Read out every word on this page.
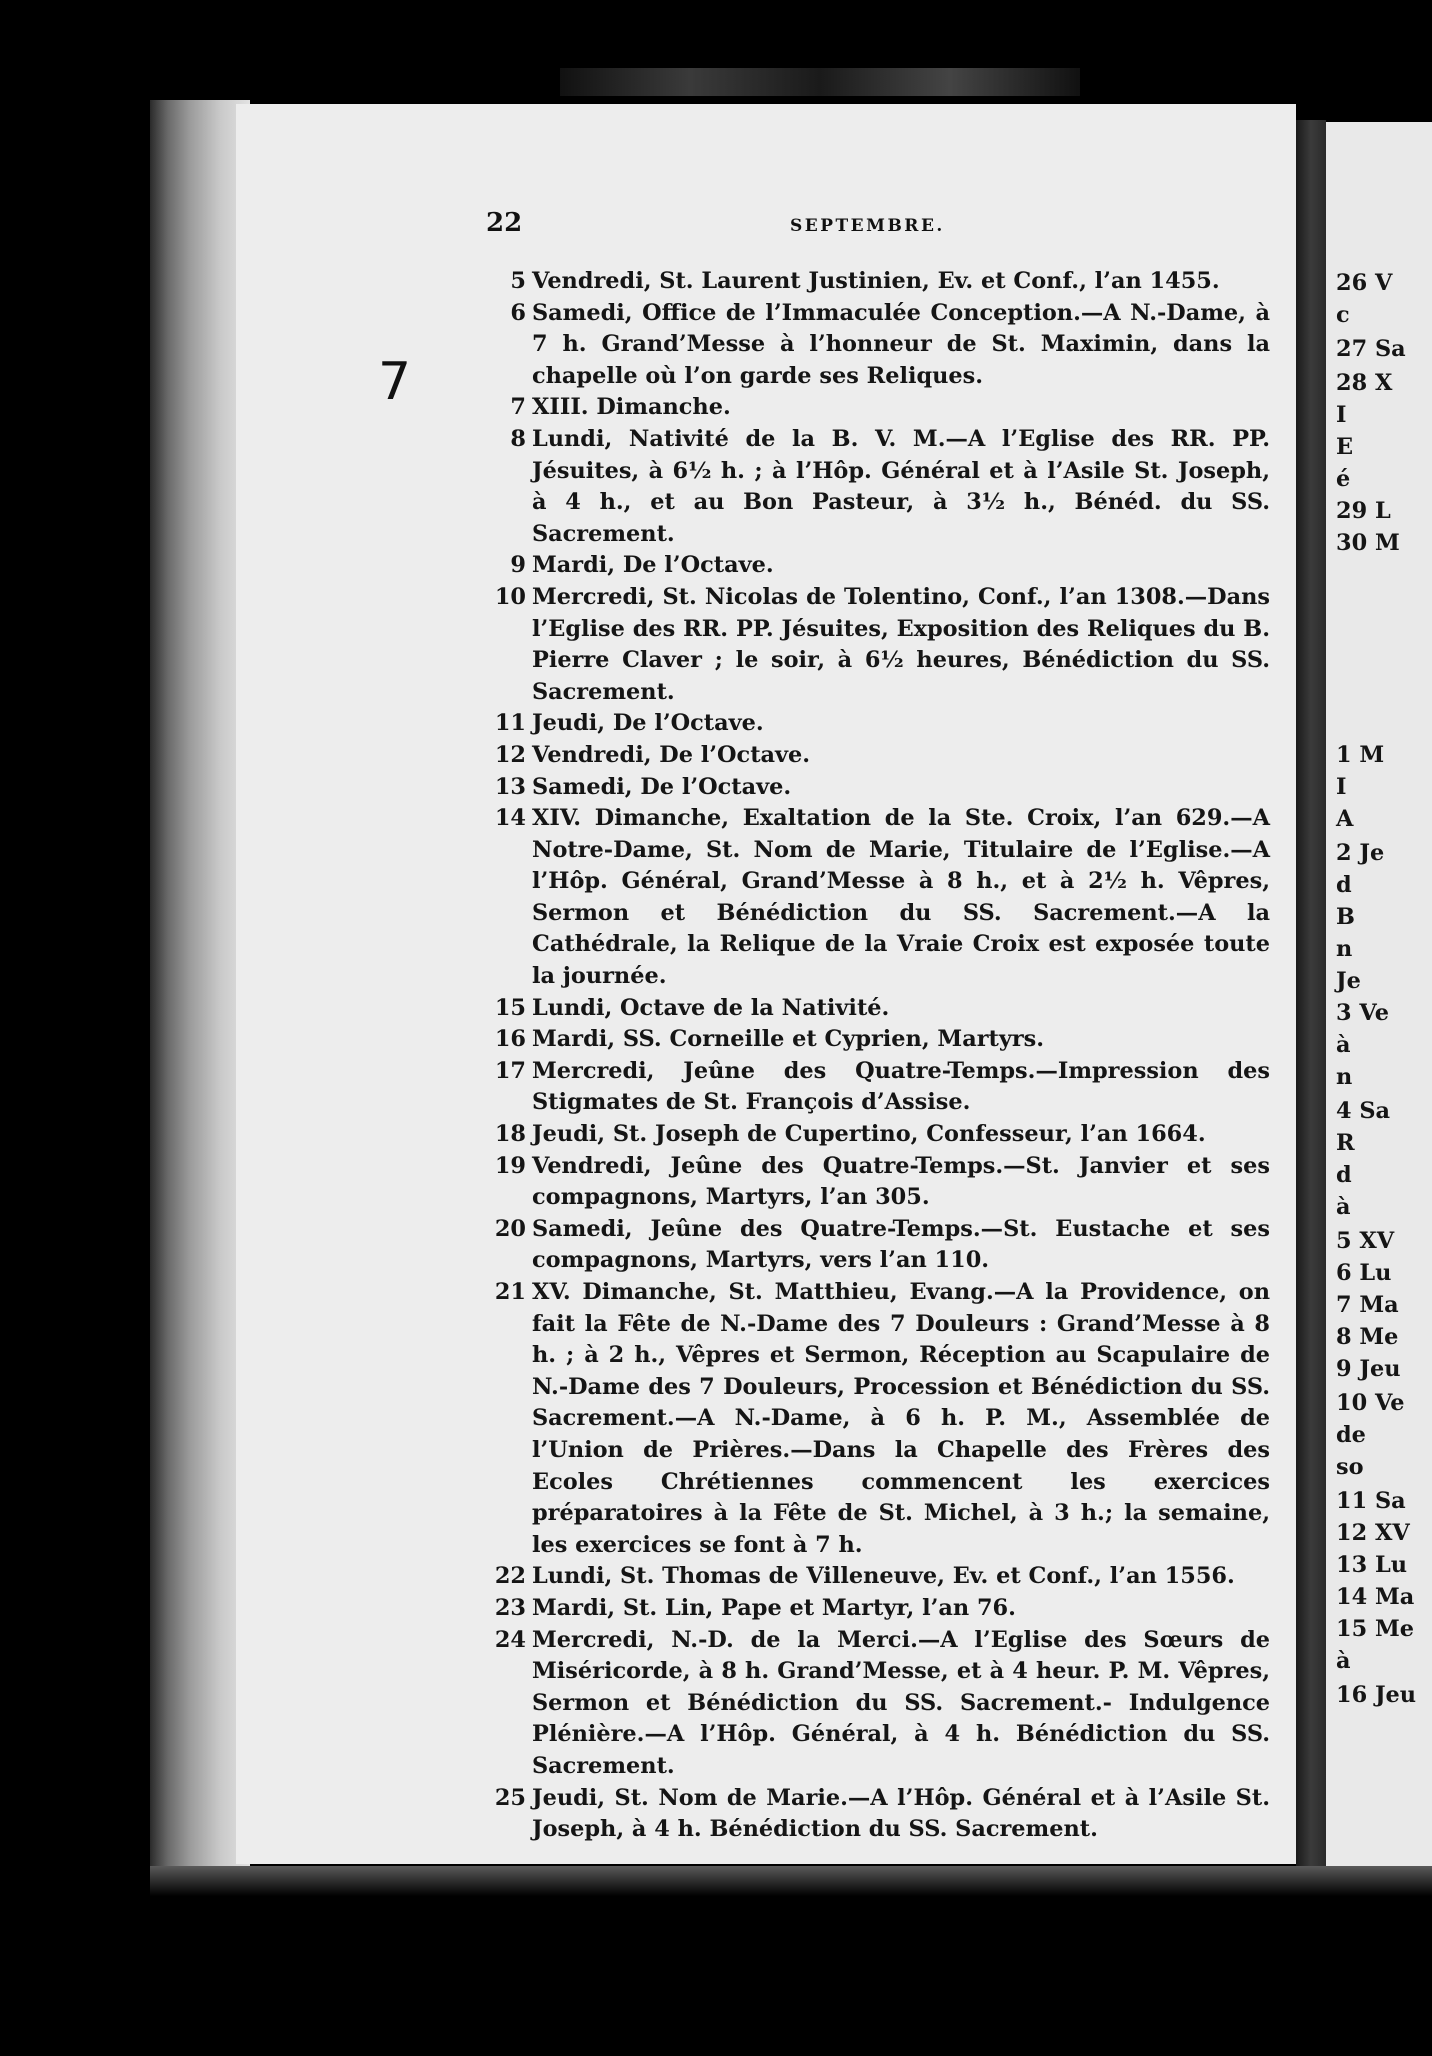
22	SEPTEMBRE.
7
5 Vendredi, St. Laurent Justinien, Ev. et Conf., l’an 1455.
6 Samedi, Office de l’Immaculée Conception.—A N.-Dame, à 7 h. Grand’Messe à l’honneur de St. Maximin, dans la chapelle où l’on garde ses Reliques.
7 XIII. Dimanche.
8 Lundi, Nativité de la B. V. M.—A l’Eglise des RR. PP. Jésuites, à 6½ h. ; à l’Hôp. Général et à l’Asile St. Joseph, à 4 h., et au Bon Pasteur, à 3½ h., Bénéd. du SS. Sacrement.
9 Mardi, De l’Octave.
10 Mercredi, St. Nicolas de Tolentino, Conf., l’an 1308.—Dans l’Eglise des RR. PP. Jésuites, Exposition des Reliques du B. Pierre Claver ; le soir, à 6½ heures, Bénédiction du SS. Sacrement.
11 Jeudi, De l’Octave.
12 Vendredi, De l’Octave.
13 Samedi, De l’Octave.
14 XIV. Dimanche, Exaltation de la Ste. Croix, l’an 629.—A Notre-Dame, St. Nom de Marie, Titulaire de l’Eglise.—A l’Hôp. Général, Grand’Messe à 8 h., et à 2½ h. Vêpres, Sermon et Bénédiction du SS. Sacrement.—A la Cathédrale, la Relique de la Vraie Croix est exposée toute la journée.
15 Lundi, Octave de la Nativité.
16 Mardi, SS. Corneille et Cyprien, Martyrs.
17 Mercredi, Jeûne des Quatre-Temps.—Impression des Stigmates de St. François d’Assise.
18 Jeudi, St. Joseph de Cupertino, Confesseur, l’an 1664.
19 Vendredi, Jeûne des Quatre-Temps.—St. Janvier et ses compagnons, Martyrs, l’an 305.
20 Samedi, Jeûne des Quatre-Temps.—St. Eustache et ses compagnons, Martyrs, vers l’an 110.
21 XV. Dimanche, St. Matthieu, Evang.—A la Providence, on fait la Fête de N.-Dame des 7 Douleurs : Grand’Messe à 8 h. ; à 2 h., Vêpres et Sermon, Réception au Scapulaire de N.-Dame des 7 Douleurs, Procession et Bénédiction du SS. Sacrement.—A N.-Dame, à 6 h. P. M., Assemblée de l’Union de Prières.—Dans la Chapelle des Frères des Ecoles Chrétiennes commencent les exercices préparatoires à la Fête de St. Michel, à 3 h.; la semaine, les exercices se font à 7 h.
22 Lundi, St. Thomas de Villeneuve, Ev. et Conf., l’an 1556.
23 Mardi, St. Lin, Pape et Martyr, l’an 76.
24 Mercredi, N.-D. de la Merci.—A l’Eglise des Sœurs de Miséricorde, à 8 h. Grand’Messe, et à 4 heur. P. M. Vêpres, Sermon et Bénédiction du SS. Sacrement.- Indulgence Plénière.—A l’Hôp. Général, à 4 h. Bénédiction du SS. Sacrement.
25 Jeudi, St. Nom de Marie.—A l’Hôp. Général et à l’Asile St. Joseph, à 4 h. Bénédiction du SS. Sacrement.
26 V
c
27 Sa
28 X
I
E
é
29 L
30 M
1 M
I
A
2 Je
d
B
n
Je
3 Ve
à
n
4 Sa
R
d
à
5 XV
6 Lu
7 Ma
8 Me
9 Jeu
10 Ve
de
so
11 Sa
12 XV
13 Lu
14 Ma
15 Me
à
16 Jeu
